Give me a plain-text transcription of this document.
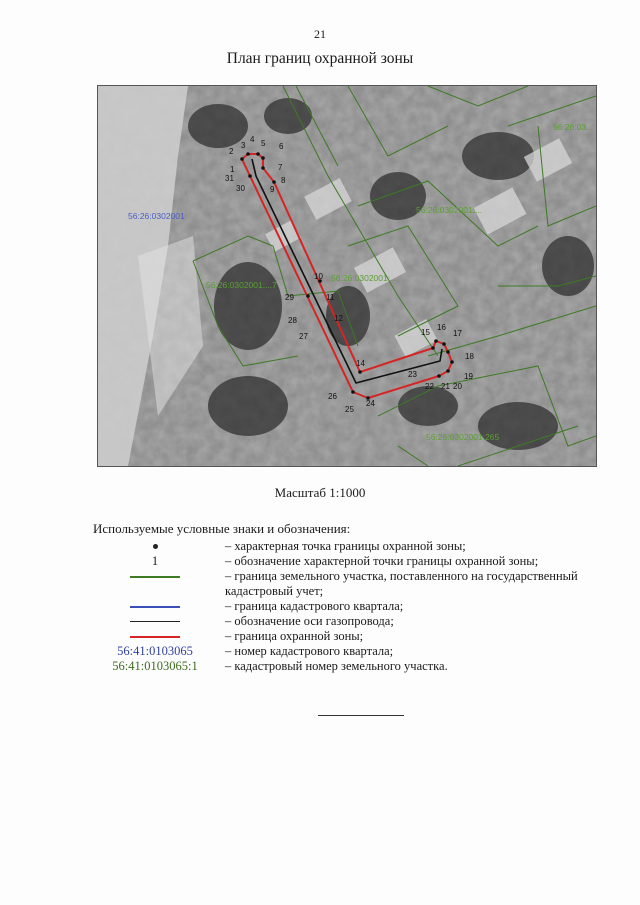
21
План границ охранной зоны
1
2
3
4 5 6
7
8
9
10
11
12
14
15
16
17
18
19
20
21
22
23
24
25
26
27
28
29
30
31
56:26:0302001
56:26:03...
56:26:0302001:...
56:26:0302001:...
56:26:0302001:...7
56:26:0302001:265
Масштаб 1:1000
Используемые условные знаки и обозначения:
– характерная точка границы охранной зоны;
1	– обозначение характерной точки границы охранной зоны;
– граница земельного участка, поставленного на государственный кадастровый учет;
– граница кадастрового квартала;
– обозначение оси газопровода;
– граница охранной зоны;
56:41:0103065	– номер кадастрового квартала;
56:41:0103065:1	– кадастровый номер земельного участка.
